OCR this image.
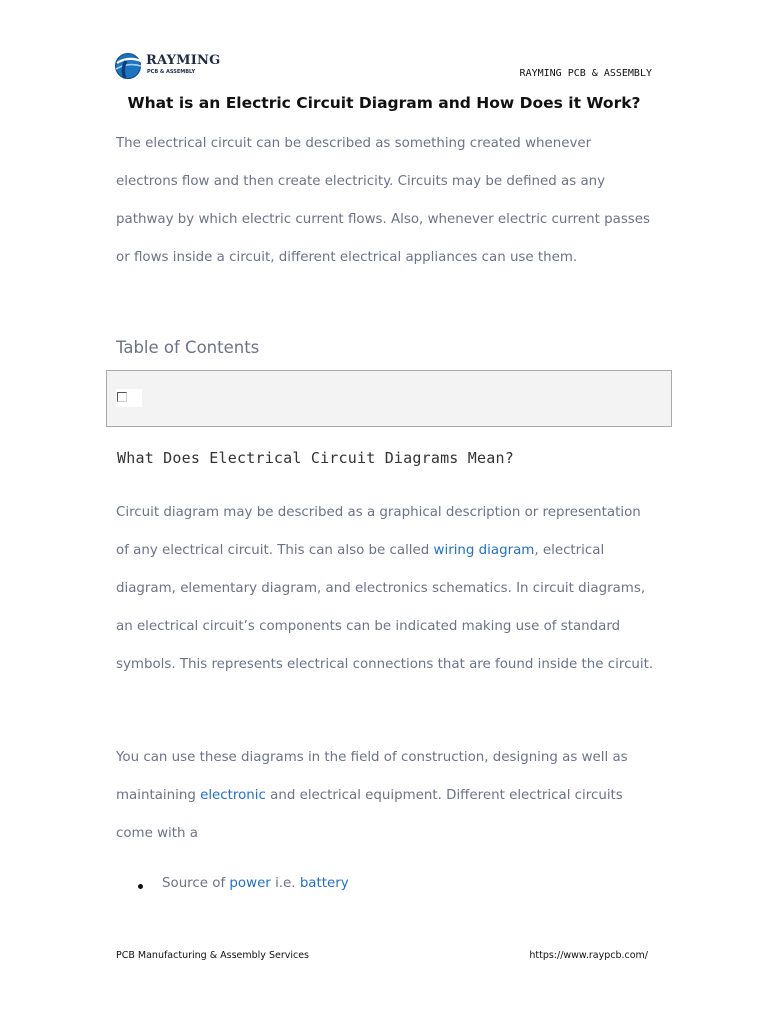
RAYMING
PCB & ASSEMBLY	RAYMING PCB & ASSEMBLY
What is an Electric Circuit Diagram and How Does it Work?

The electrical circuit can be described as something created whenever electrons flow and then create electricity. Circuits may be defined as any pathway by which electric current flows. Also, whenever electric current passes or flows inside a circuit, different electrical appliances can use them.

Table of Contents
What Does Electrical Circuit Diagrams Mean?

Circuit diagram may be described as a graphical description or representation of any electrical circuit. This can also be called wiring diagram, electrical diagram, elementary diagram, and electronics schematics. In circuit diagrams, an electrical circuit’s components can be indicated making use of standard symbols. This represents electrical connections that are found inside the circuit.

You can use these diagrams in the field of construction, designing as well as maintaining electronic and electrical equipment. Different electrical circuits come with a

Source of power i.e. battery
PCB Manufacturing & Assembly Services	https://www.raypcb.com/
